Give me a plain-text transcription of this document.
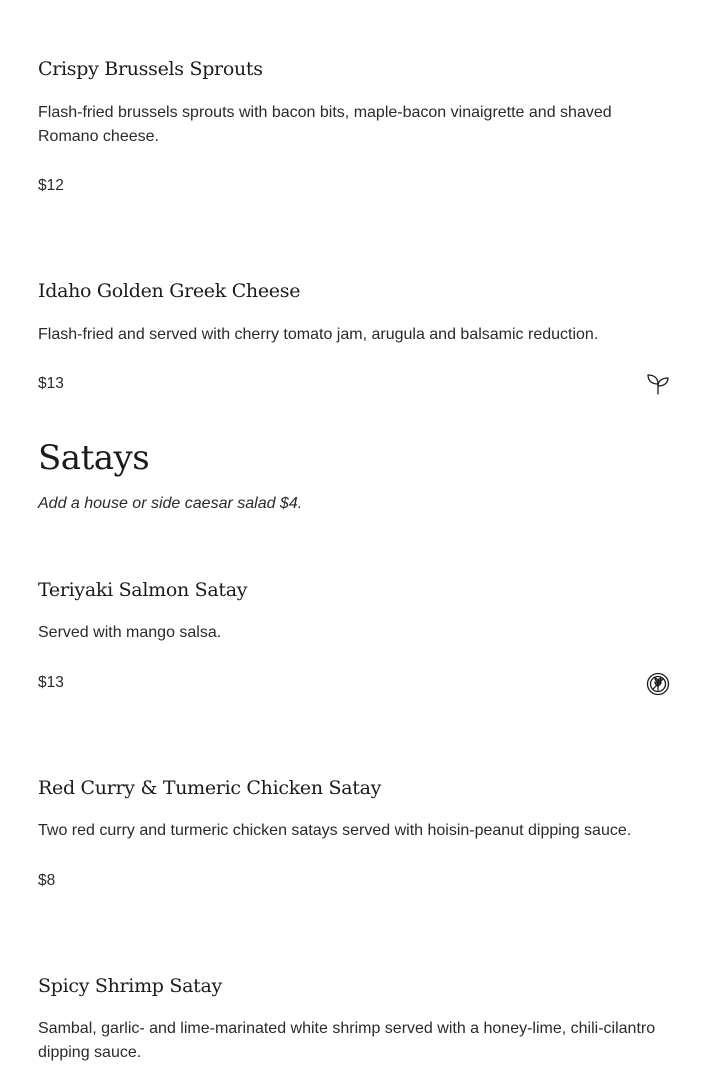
Crispy Brussels Sprouts

Flash-fried brussels sprouts with bacon bits, maple-bacon vinaigrette and shaved Romano cheese.

$12
Idaho Golden Greek Cheese

Flash-fried and served with cherry tomato jam, arugula and balsamic reduction.

$13
Satays

Add a house or side caesar salad $4.

Teriyaki Salmon Satay

Served with mango salsa.

$13
Red Curry & Tumeric Chicken Satay

Two red curry and turmeric chicken satays served with hoisin-peanut dipping sauce.

$8
Spicy Shrimp Satay

Sambal, garlic- and lime-marinated white shrimp served with a honey-lime, chili-cilantro dipping sauce.
